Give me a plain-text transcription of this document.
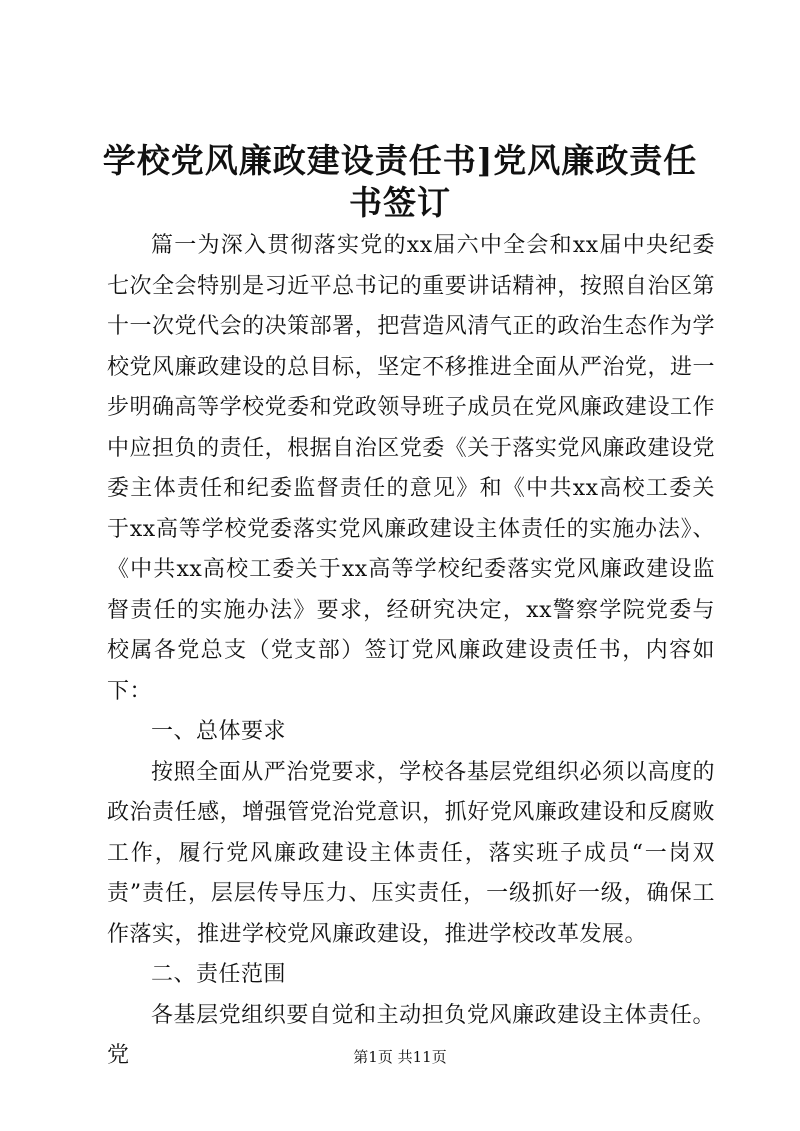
学校党风廉政建设责任书]党风廉政责任书签订

篇一为深入贯彻落实党的xx届六中全会和xx届中央纪委七次全会特别是习近平总书记的重要讲话精神，按照自治区第十一次党代会的决策部署，把营造风清气正的政治生态作为学校党风廉政建设的总目标，坚定不移推进全面从严治党，进一步明确高等学校党委和党政领导班子成员在党风廉政建设工作中应担负的责任，根据自治区党委《关于落实党风廉政建设党委主体责任和纪委监督责任的意见》和《中共xx高校工委关于xx高等学校党委落实党风廉政建设主体责任的实施办法》、《中共xx高校工委关于xx高等学校纪委落实党风廉政建设监督责任的实施办法》要求，经研究决定，xx警察学院党委与校属各党总支（党支部）签订党风廉政建设责任书，内容如下：

一、总体要求

按照全面从严治党要求，学校各基层党组织必须以高度的政治责任感，增强管党治党意识，抓好党风廉政建设和反腐败工作，履行党风廉政建设主体责任，落实班子成员“一岗双责”责任，层层传导压力、压实责任，一级抓好一级，确保工作落实，推进学校党风廉政建设，推进学校改革发展。

二、责任范围

各基层党组织要自觉和主动担负党风廉政建设主体责任。党	第1页 共11页
